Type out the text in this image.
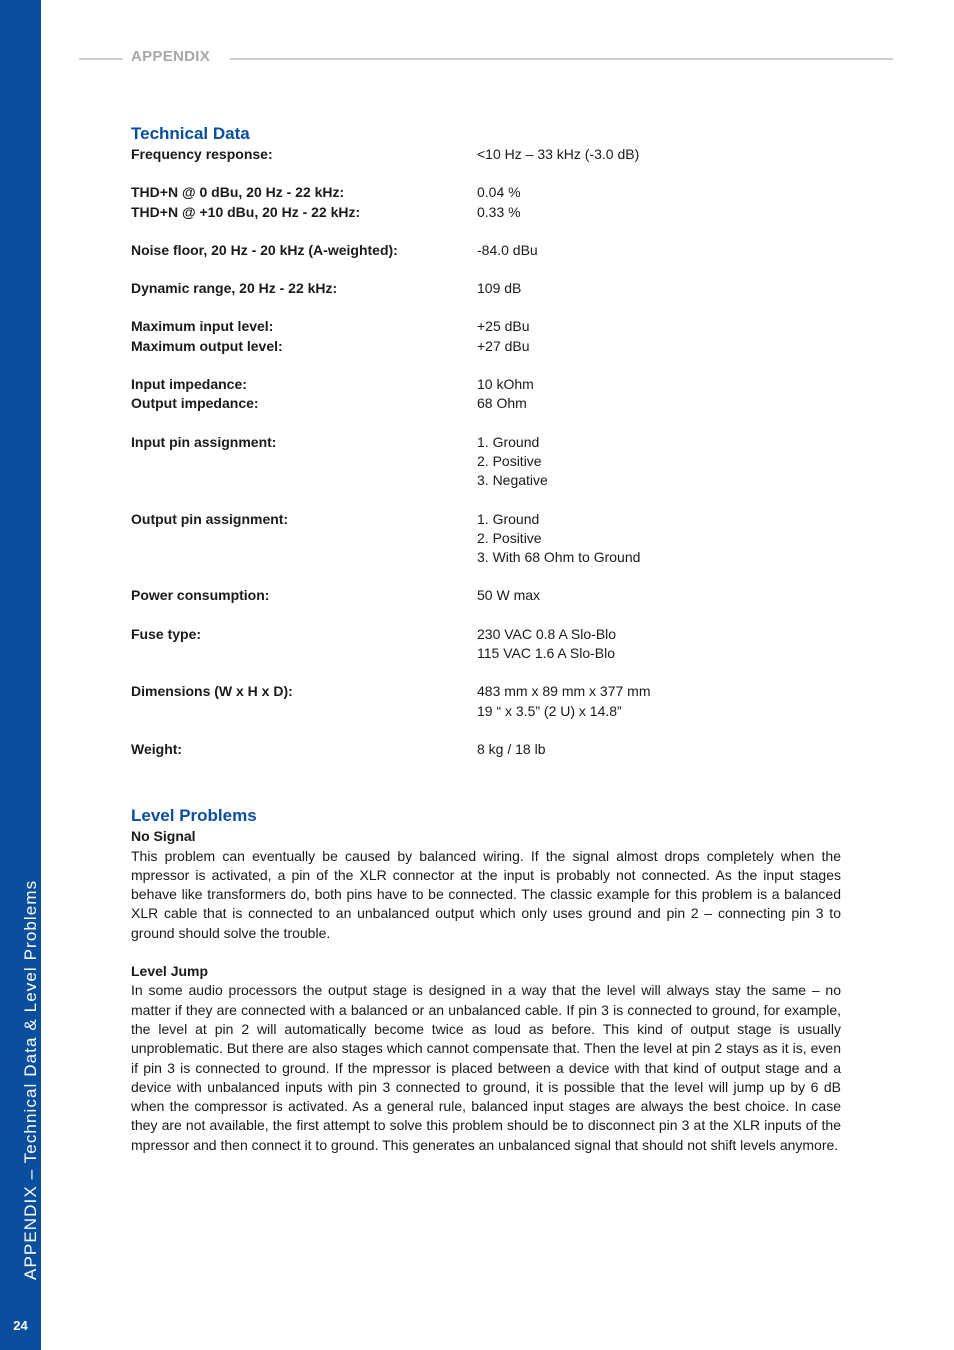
APPENDIX – Technical Data & Level Problems
24
APPENDIX
Technical Data
Frequency response:	<10 Hz – 33 kHz (-3.0 dB)
THD+N @ 0 dBu, 20 Hz - 22 kHz:	0.04 %
THD+N @ +10 dBu, 20 Hz - 22 kHz:	0.33 %
Noise floor, 20 Hz - 20 kHz (A-weighted):	-84.0 dBu
Dynamic range, 20 Hz - 22 kHz:	109 dB
Maximum input level:	+25 dBu
Maximum output level:	+27 dBu
Input impedance:	10 kOhm
Output impedance:	68 Ohm
Input pin assignment:	1. Ground
2. Positive
3. Negative
Output pin assignment:	1. Ground
2. Positive
3. With 68 Ohm to Ground
Power consumption:	50 W max
Fuse type:	230 VAC 0.8 A Slo-Blo
115 VAC 1.6 A Slo-Blo
Dimensions (W x H x D):	483 mm x 89 mm x 377 mm
19 “ x 3.5” (2 U) x 14.8”
Weight:	8 kg / 18 lb
Level Problems
No Signal

This problem can eventually be caused by balanced wiring. If the signal almost drops completely when the mpressor is activated, a pin of the XLR connector at the input is probably not connected. As the input stages behave like transformers do, both pins have to be connected. The classic example for this problem is a balanced XLR cable that is connected to an unbalanced output which only uses ground and pin 2 – connecting pin 3 to ground should solve the trouble.

Level Jump

In some audio processors the output stage is designed in a way that the level will always stay the same – no matter if they are connected with a balanced or an unbalanced cable. If pin 3 is connected to ground, for example, the level at pin 2 will automatically become twice as loud as before. This kind of output stage is usually unproblematic. But there are also stages which cannot compensate that. Then the level at pin 2 stays as it is, even if pin 3 is connected to ground. If the mpressor is placed between a device with that kind of output stage and a device with unbalanced inputs with pin 3 connected to ground, it is possible that the level will jump up by 6 dB when the compressor is activated. As a general rule, balanced input stages are always the best choice. In case they are not available, the first attempt to solve this problem should be to disconnect pin 3 at the XLR inputs of the mpressor and then connect it to ground. This generates an unbalanced signal that should not shift levels anymore.
